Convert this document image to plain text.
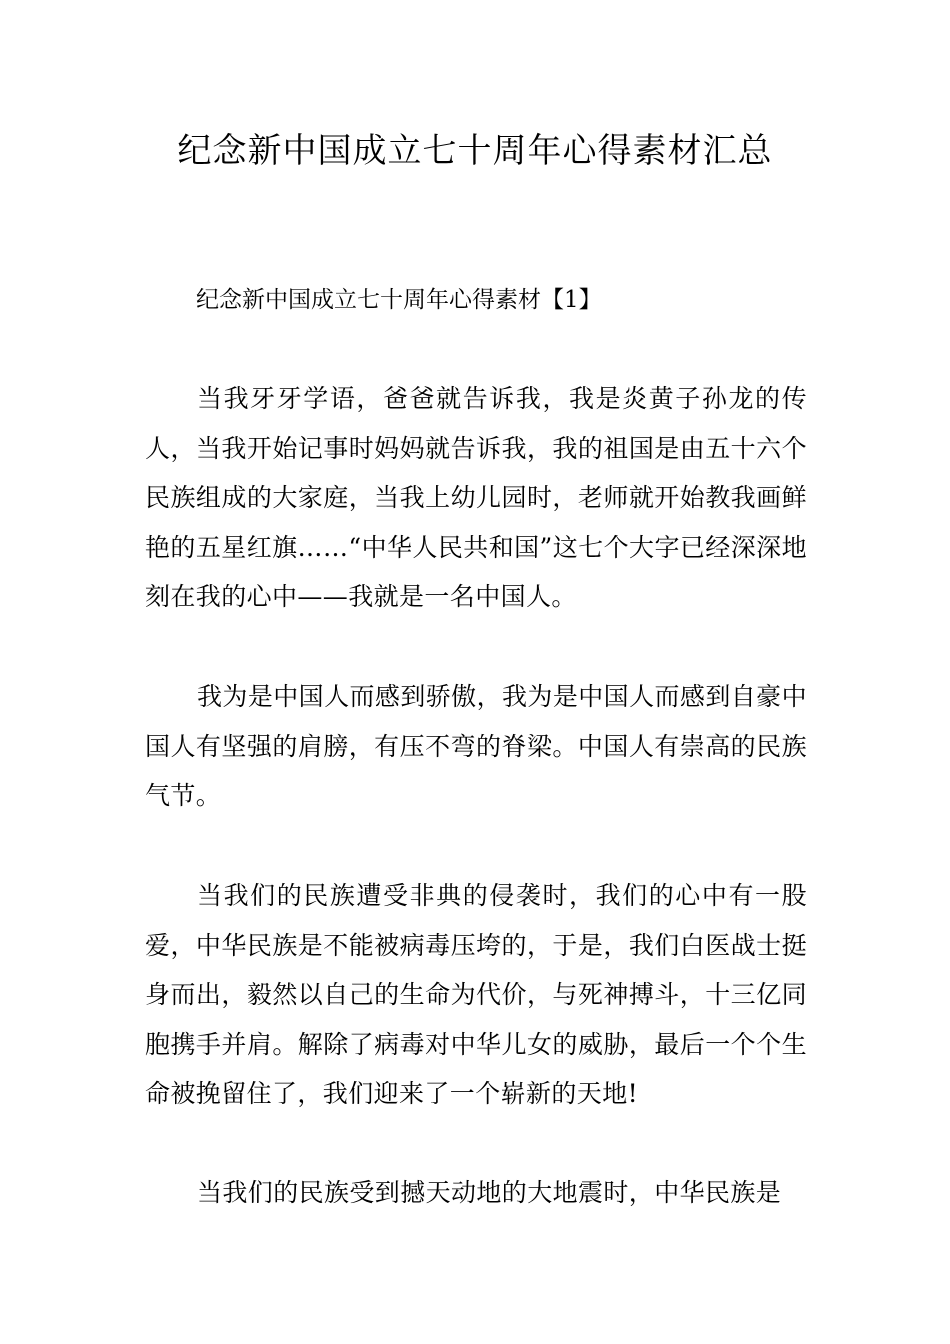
纪念新中国成立七十周年心得素材汇总

纪念新中国成立七十周年心得素材【1】

当我牙牙学语，爸爸就告诉我，我是炎黄子孙龙的传人，当我开始记事时妈妈就告诉我，我的祖国是由五十六个民族组成的大家庭，当我上幼儿园时，老师就开始教我画鲜艳的五星红旗……“中华人民共和国”这七个大字已经深深地刻在我的心中——我就是一名中国人。

我为是中国人而感到骄傲，我为是中国人而感到自豪中国人有坚强的肩膀，有压不弯的脊梁。中国人有崇高的民族气节。

当我们的民族遭受非典的侵袭时，我们的心中有一股爱，中华民族是不能被病毒压垮的，于是，我们白医战士挺身而出，毅然以自己的生命为代价，与死神搏斗，十三亿同胞携手并肩。解除了病毒对中华儿女的威胁，最后一个个生命被挽留住了，我们迎来了一个崭新的天地!

当我们的民族受到撼天动地的大地震时，中华民族是
